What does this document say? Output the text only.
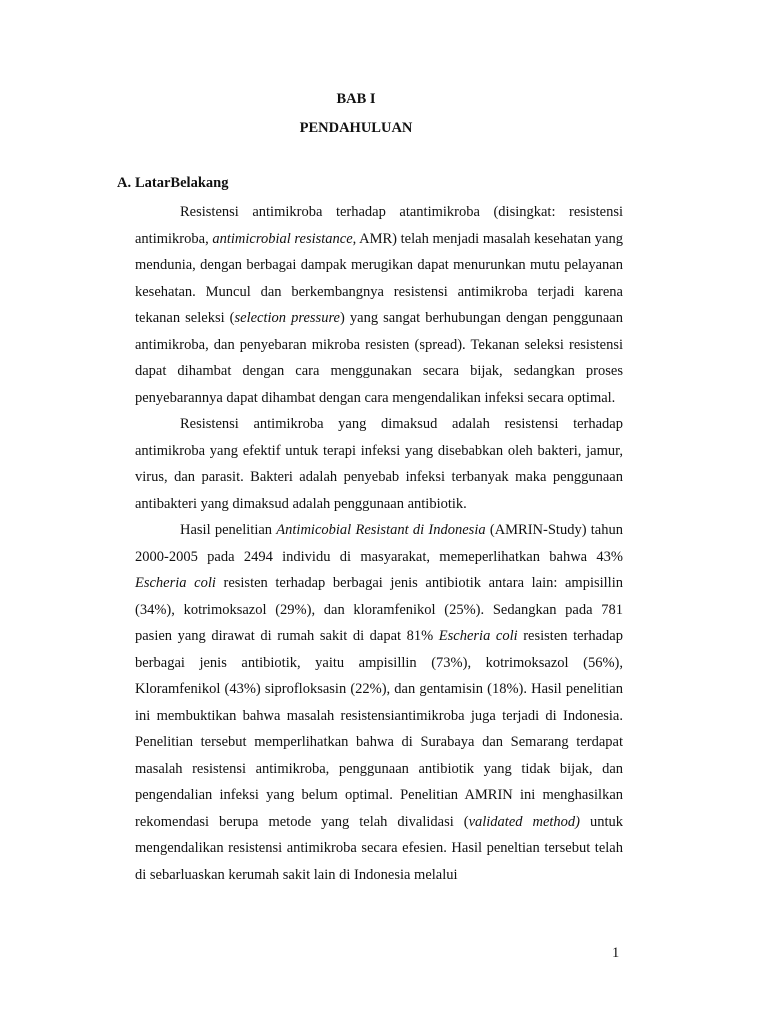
BAB I
PENDAHULUAN
A. LatarBelakang

Resistensi antimikroba terhadap atantimikroba (disingkat: resistensi antimikroba, antimicrobial resistance, AMR) telah menjadi masalah kesehatan yang mendunia, dengan berbagai dampak merugikan dapat menurunkan mutu pelayanan kesehatan. Muncul dan berkembangnya resistensi antimikroba terjadi karena tekanan seleksi (selection pressure) yang sangat berhubungan dengan penggunaan antimikroba, dan penyebaran mikroba resisten (spread). Tekanan seleksi resistensi dapat dihambat dengan cara menggunakan secara bijak, sedangkan proses penyebarannya dapat dihambat dengan cara mengendalikan infeksi secara optimal.

Resistensi antimikroba yang dimaksud adalah resistensi terhadap antimikroba yang efektif untuk terapi infeksi yang disebabkan oleh bakteri, jamur, virus, dan parasit. Bakteri adalah penyebab infeksi terbanyak maka penggunaan antibakteri yang dimaksud adalah penggunaan antibiotik.

Hasil penelitian Antimicobial Resistant di Indonesia (AMRIN-Study) tahun 2000-2005 pada 2494 individu di masyarakat, memeperlihatkan bahwa 43% Escheria coli resisten terhadap berbagai jenis antibiotik antara lain: ampisillin (34%), kotrimoksazol (29%), dan kloramfenikol (25%). Sedangkan pada 781 pasien yang dirawat di rumah sakit di dapat 81% Escheria coli resisten terhadap berbagai jenis antibiotik, yaitu ampisillin (73%), kotrimoksazol (56%), Kloramfenikol (43%) siprofloksasin (22%), dan gentamisin (18%). Hasil penelitian ini membuktikan bahwa masalah resistensiantimikroba juga terjadi di Indonesia. Penelitian tersebut memperlihatkan bahwa di Surabaya dan Semarang terdapat masalah resistensi antimikroba, penggunaan antibiotik yang tidak bijak, dan pengendalian infeksi yang belum optimal. Penelitian AMRIN ini menghasilkan rekomendasi berupa metode yang telah divalidasi (validated method) untuk mengendalikan resistensi antimikroba secara efesien. Hasil peneltian tersebut telah di sebarluaskan kerumah sakit lain di Indonesia melalui

1
